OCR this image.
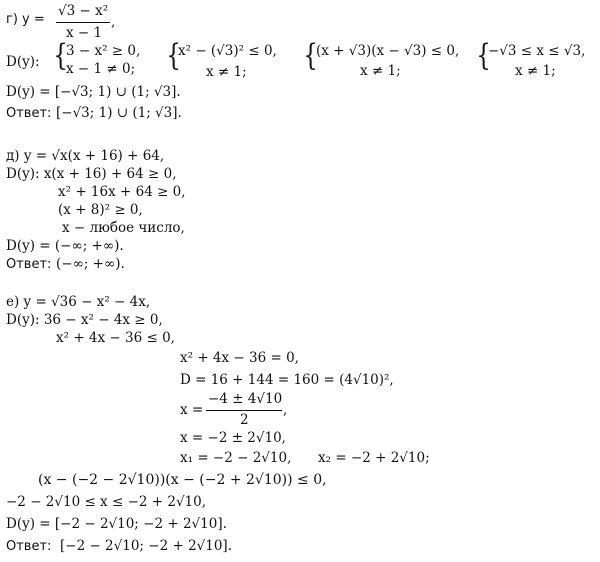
г) y =
√3 − x²
x − 1
,
D(y): {
3 − x² ≥ 0,
x − 1 ≠ 0; {
x² − (√3)² ≤ 0,
x ≠ 1; {
(x + √3)(x − √3) ≤ 0,
x ≠ 1;	{
−√3 ≤ x ≤ √3,
x ≠ 1;
D(y) = [−√3; 1) ∪ (1; √3].
Ответ: [−√3; 1) ∪ (1; √3].
д) y = √x(x + 16) + 64,
D(y): x(x + 16) + 64 ≥ 0,
x² + 16x + 64 ≥ 0,
(x + 8)² ≥ 0,
x − любое число,
D(y) = (−∞; +∞).
Ответ: (−∞; +∞).
е) y = √36 − x² − 4x,
D(y): 36 − x² − 4x ≥ 0,
x² + 4x − 36 ≤ 0,
x² + 4x − 36 = 0,
D = 16 + 144 = 160 = (4√10)²,
x =
−4 ± 4√10
2
,
x = −2 ± 2√10,
x₁ = −2 − 2√10, x₂ = −2 + 2√10;
(x − (−2 − 2√10))(x − (−2 + 2√10)) ≤ 0,
−2 − 2√10 ≤ x ≤ −2 + 2√10,
D(y) = [−2 − 2√10; −2 + 2√10].
Ответ: [−2 − 2√10; −2 + 2√10].
